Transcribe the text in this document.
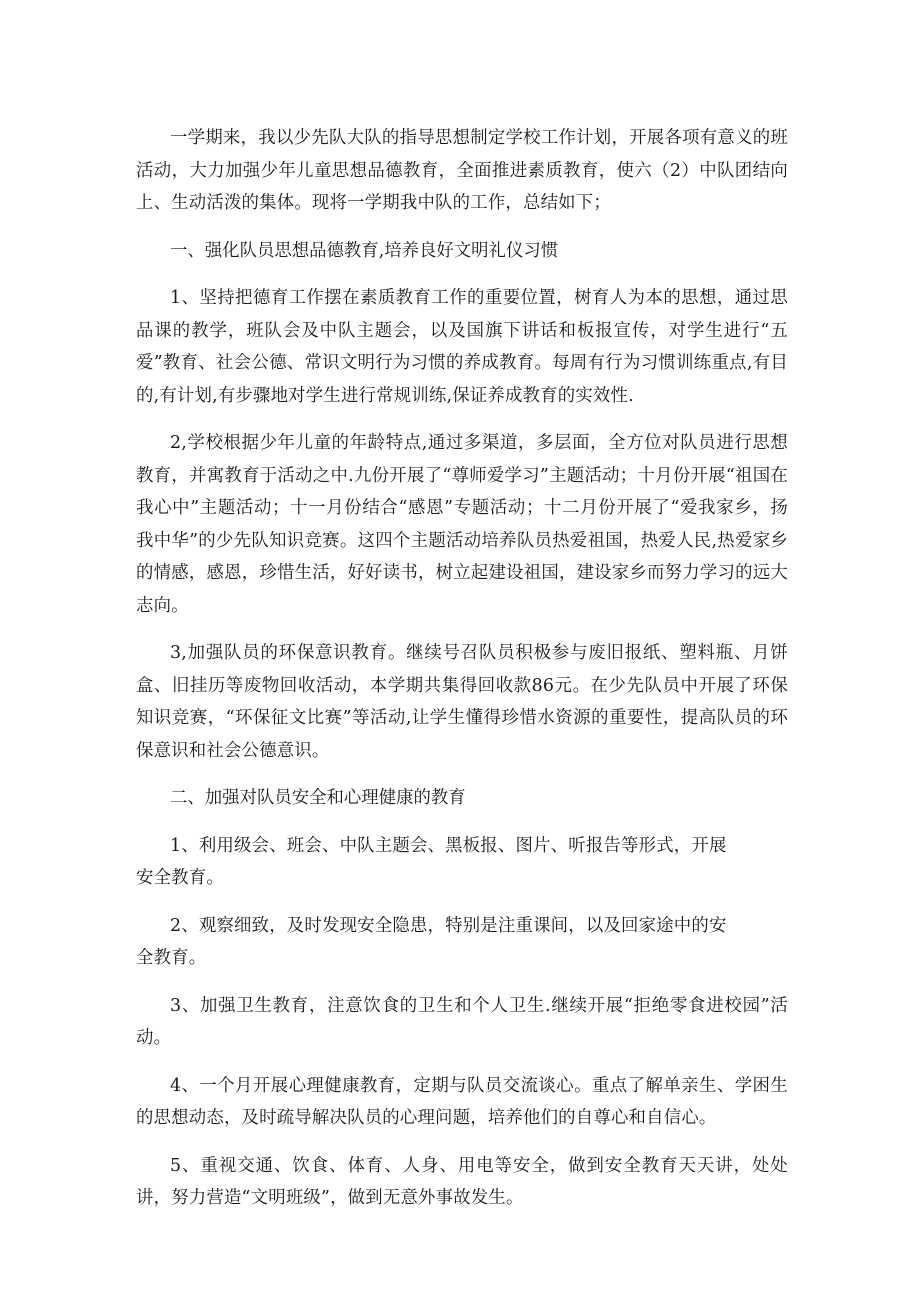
一学期来，我以少先队大队的指导思想制定学校工作计划，开展各项有意义的班活动，大力加强少年儿童思想品德教育，全面推进素质教育，使六（2）中队团结向上、生动活泼的集体。现将一学期我中队的工作，总结如下；

一、强化队员思想品德教育,培养良好文明礼仪习惯

1、坚持把德育工作摆在素质教育工作的重要位置，树育人为本的思想，通过思品课的教学，班队会及中队主题会，以及国旗下讲话和板报宣传，对学生进行“五爱”教育、社会公德、常识文明行为习惯的养成教育。每周有行为习惯训练重点,有目的,有计划,有步骤地对学生进行常规训练,保证养成教育的实效性.

2,学校根据少年儿童的年龄特点,通过多渠道，多层面，全方位对队员进行思想教育，并寓教育于活动之中.九份开展了“尊师爱学习”主题活动；十月份开展“祖国在我心中”主题活动；十一月份结合“感恩”专题活动；十二月份开展了“爱我家乡，扬我中华”的少先队知识竞赛。这四个主题活动培养队员热爱祖国，热爱人民,热爱家乡的情感，感恩，珍惜生活，好好读书，树立起建设祖国，建设家乡而努力学习的远大志向。

3,加强队员的环保意识教育。继续号召队员积极参与废旧报纸、塑料瓶、月饼盒、旧挂历等废物回收活动，本学期共集得回收款86元。在少先队员中开展了环保知识竞赛，“环保征文比赛”等活动,让学生懂得珍惜水资源的重要性，提高队员的环保意识和社会公德意识。

二、加强对队员安全和心理健康的教育

1、利用级会、班会、中队主题会、黑板报、图片、听报告等形式，开展安全教育。

2、观察细致，及时发现安全隐患，特别是注重课间，以及回家途中的安全教育。

3、加强卫生教育，注意饮食的卫生和个人卫生.继续开展“拒绝零食进校园”活动。

4、一个月开展心理健康教育，定期与队员交流谈心。重点了解单亲生、学困生的思想动态，及时疏导解决队员的心理问题，培养他们的自尊心和自信心。

5、重视交通、饮食、体育、人身、用电等安全，做到安全教育天天讲，处处讲，努力营造“文明班级”，做到无意外事故发生。
